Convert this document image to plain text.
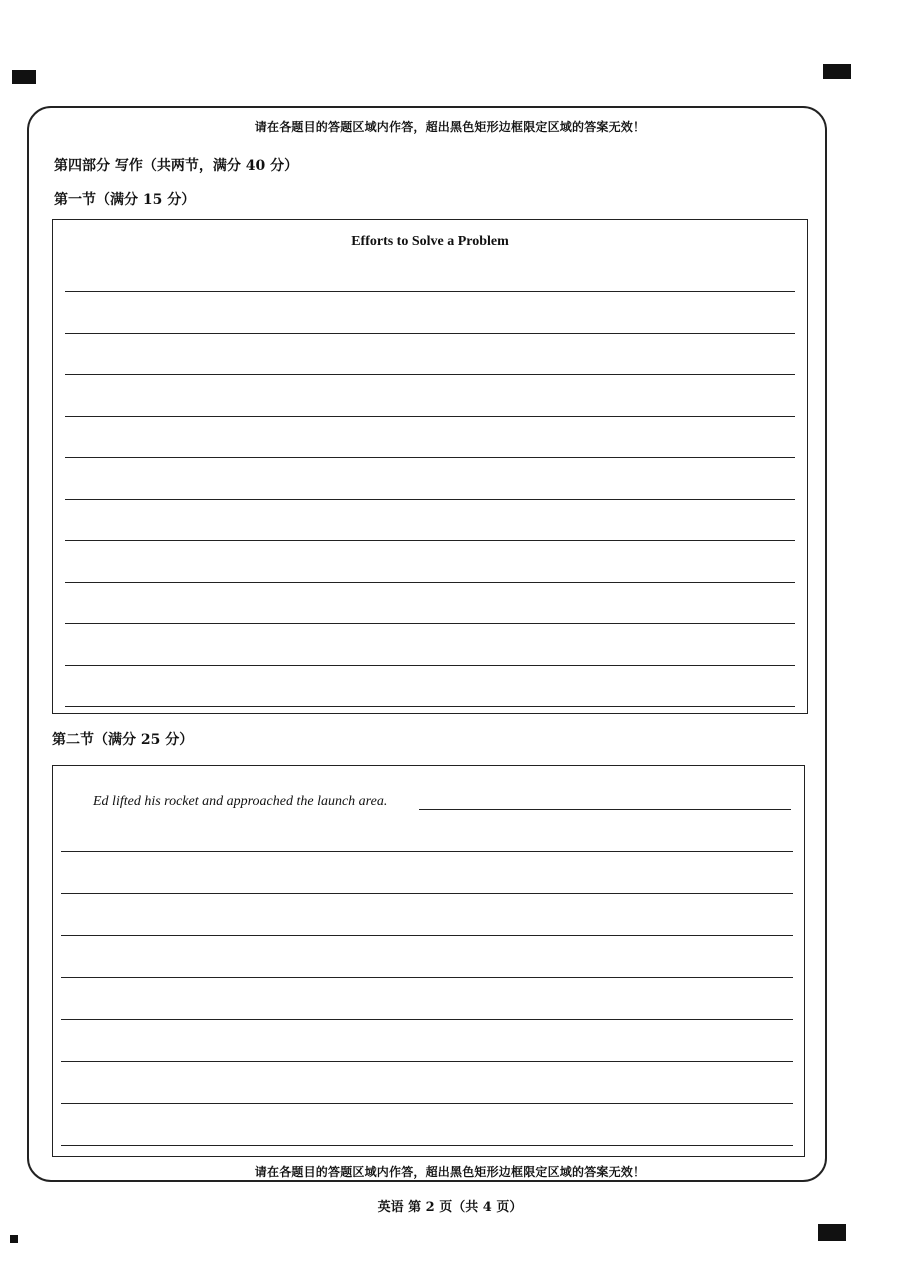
请在各题目的答题区域内作答，超出黑色矩形边框限定区域的答案无效！
第四部分 写作（共两节，满分 40 分）
第一节（满分 15 分）
Efforts to Solve a Problem
第二节（满分 25 分）
Ed lifted his rocket and approached the launch area.
请在各题目的答题区域内作答，超出黑色矩形边框限定区域的答案无效！
英语 第 2 页（共 4 页）
